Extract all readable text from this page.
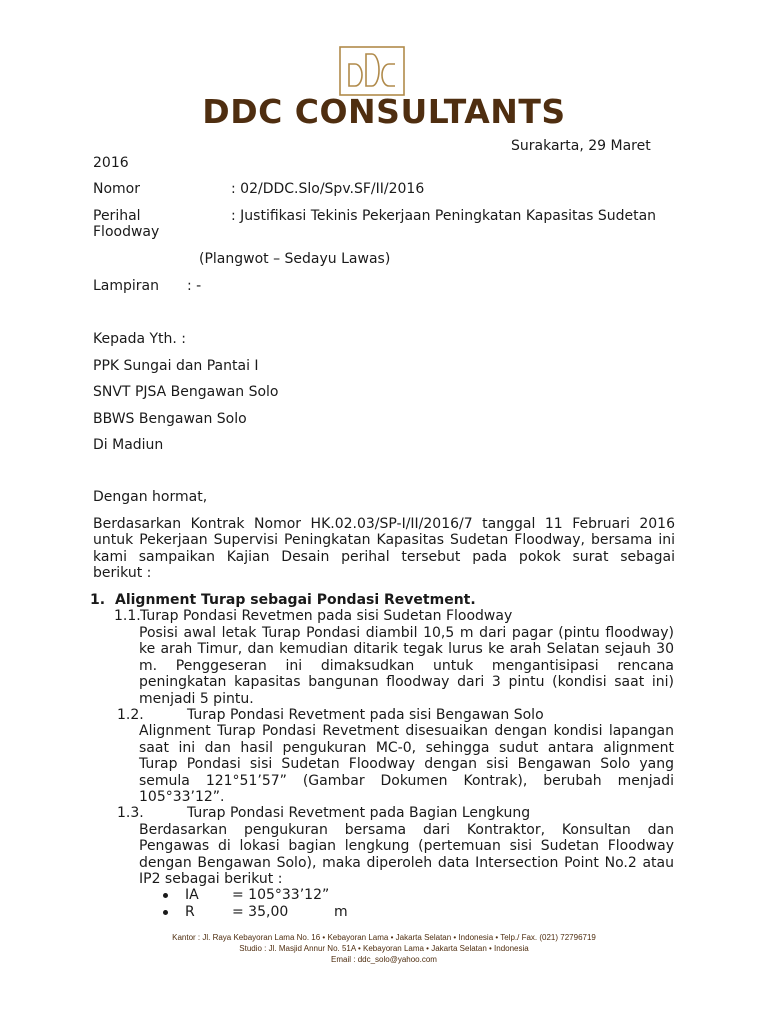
DDC CONSULTANTS
Surakarta, 29 Maret
2016
Nomor	: 02/DDC.Slo/Spv.SF/II/2016
Perihal	: Justifikasi Tekinis Pekerjaan Peningkatan Kapasitas Sudetan
Floodway
(Plangwot – Sedayu Lawas)
Lampiran : -
Kepada Yth. :
PPK Sungai dan Pantai I
SNVT PJSA Bengawan Solo
BBWS Bengawan Solo
Di Madiun
Dengan hormat,
Berdasarkan Kontrak Nomor HK.02.03/SP-I/II/2016/7 tanggal 11 Februari 2016
untuk Pekerjaan Supervisi Peningkatan Kapasitas Sudetan Floodway, bersama ini
kami sampaikan Kajian Desain perihal tersebut pada pokok surat sebagai
berikut :
1. Alignment Turap sebagai Pondasi Revetment.
1.1. Turap Pondasi Revetmen pada sisi Sudetan Floodway
Posisi awal letak Turap Pondasi diambil 10,5 m dari pagar (pintu floodway)
ke arah Timur, dan kemudian ditarik tegak lurus ke arah Selatan sejauh 30
m. Penggeseran ini dimaksudkan untuk mengantisipasi rencana
peningkatan kapasitas bangunan floodway dari 3 pintu (kondisi saat ini)
menjadi 5 pintu.
1.2.	Turap Pondasi Revetment pada sisi Bengawan Solo
Alignment Turap Pondasi Revetment disesuaikan dengan kondisi lapangan
saat ini dan hasil pengukuran MC-0, sehingga sudut antara alignment
Turap Pondasi sisi Sudetan Floodway dengan sisi Bengawan Solo yang
semula 121°51’57” (Gambar Dokumen Kontrak), berubah menjadi
105°33’12”.
1.3.	Turap Pondasi Revetment pada Bagian Lengkung
Berdasarkan pengukuran bersama dari Kontraktor, Konsultan dan
Pengawas di lokasi bagian lengkung (pertemuan sisi Sudetan Floodway
dengan Bengawan Solo), maka diperoleh data Intersection Point No.2 atau
IP2 sebagai berikut :
IA = 105°33’12”
R	= 35,00	m
Kantor : Jl. Raya Kebayoran Lama No. 16 • Kebayoran Lama • Jakarta Selatan • Indonesia • Telp./ Fax. (021) 72796719
Studio : Jl. Masjid Annur No. 51A • Kebayoran Lama • Jakarta Selatan • Indonesia
Email : ddc_solo@yahoo.com
